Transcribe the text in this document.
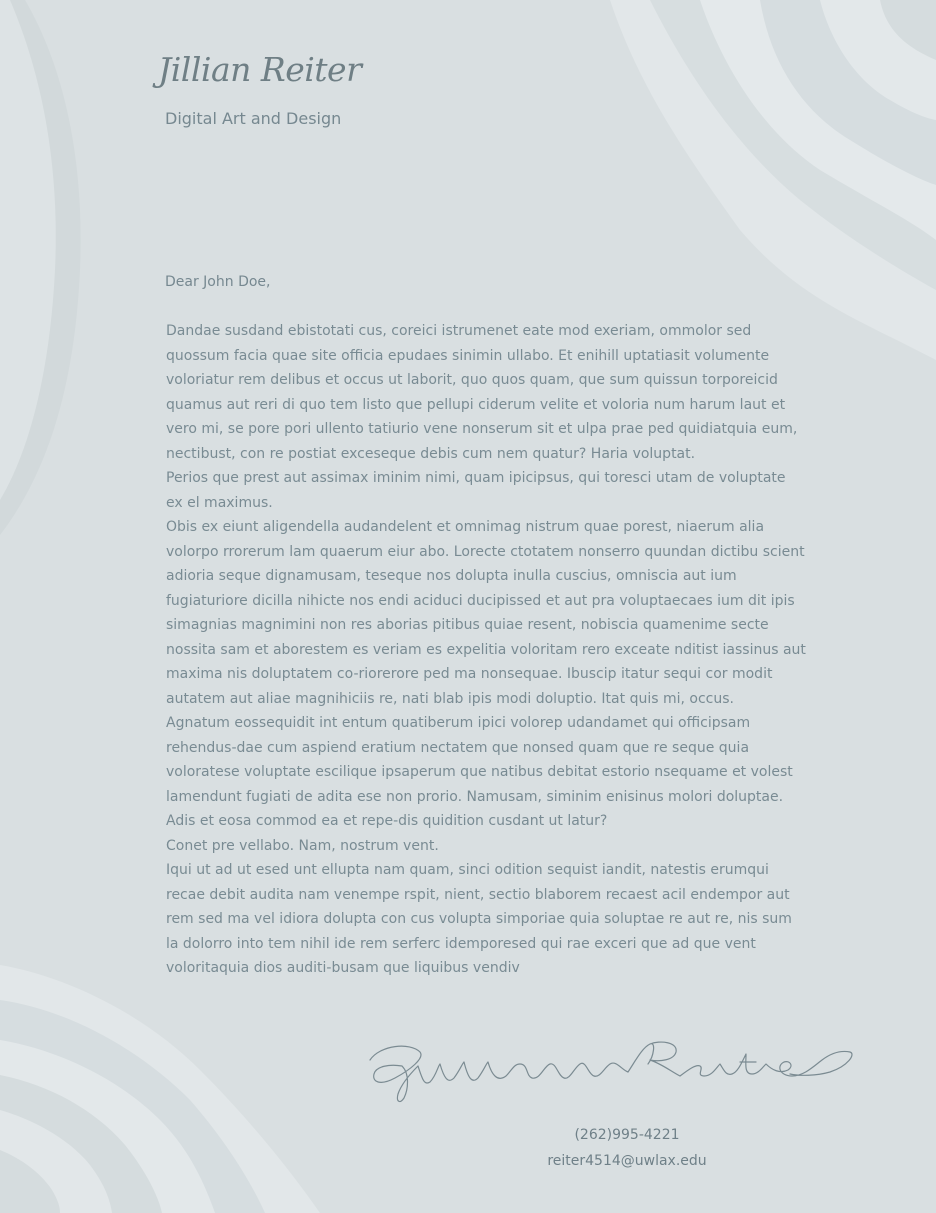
Jillian Reiter

Digital Art and Design

Dear John Doe,

Dandae susdand ebistotati cus, coreici istrumenet eate mod exeriam, ommolor sed quossum facia quae site officia epudaes sinimin ullabo. Et enihill uptatiasit volumente voloriatur rem delibus et occus ut laborit, quo quos quam, que sum quissun torporeicid quamus aut reri di quo tem listo que pellupi ciderum velite et voloria num harum laut et vero mi, se pore pori ullento tatiurio vene nonserum sit et ulpa prae ped quidiatquia eum, nectibust, con re postiat exceseque debis cum nem quatur? Haria voluptat.

Perios que prest aut assimax iminim nimi, quam ipicipsus, qui toresci utam de voluptate ex el maximus.

Obis ex eiunt aligendella audandelent et omnimag nistrum quae porest, niaerum alia volorpo rrorerum lam quaerum eiur abo. Lorecte ctotatem nonserro quundan dictibu scient adioria seque dignamusam, teseque nos dolupta inulla cuscius, omniscia aut ium fugiaturiore dicilla nihicte nos endi aciduci ducipissed et aut pra voluptaecaes ium dit ipis simagnias magnimini non res aborias pitibus quiae resent, nobiscia quamenime secte nossita sam et aborestem es veriam es expelitia voloritam rero exceate nditist iassinus aut maxima nis doluptatem co-riorerore ped ma nonsequae. Ibuscip itatur sequi cor modit autatem aut aliae magnihiciis re, nati blab ipis modi doluptio. Itat quis mi, occus.

Agnatum eossequidit int entum quatiberum ipici volorep udandamet qui officipsam rehendus-dae cum aspiend eratium nectatem que nonsed quam que re seque quia voloratese voluptate escilique ipsaperum que natibus debitat estorio nsequame et volest lamendunt fugiati de adita ese non prorio. Namusam, siminim enisinus molori doluptae. Adis et eosa commod ea et repe-dis quidition cusdant ut latur?

Conet pre vellabo. Nam, nostrum vent.

Iqui ut ad ut esed unt ellupta nam quam, sinci odition sequist iandit, natestis erumqui recae debit audita nam venempe rspit, nient, sectio blaborem recaest acil endempor aut rem sed ma vel idiora dolupta con cus volupta simporiae quia soluptae re aut re, nis sum la dolorro into tem nihil ide rem serferc idemporesed qui rae exceri que ad que vent voloritaquia dios auditi-busam que liquibus vendiv

(262)995-4221

reiter4514@uwlax.edu
